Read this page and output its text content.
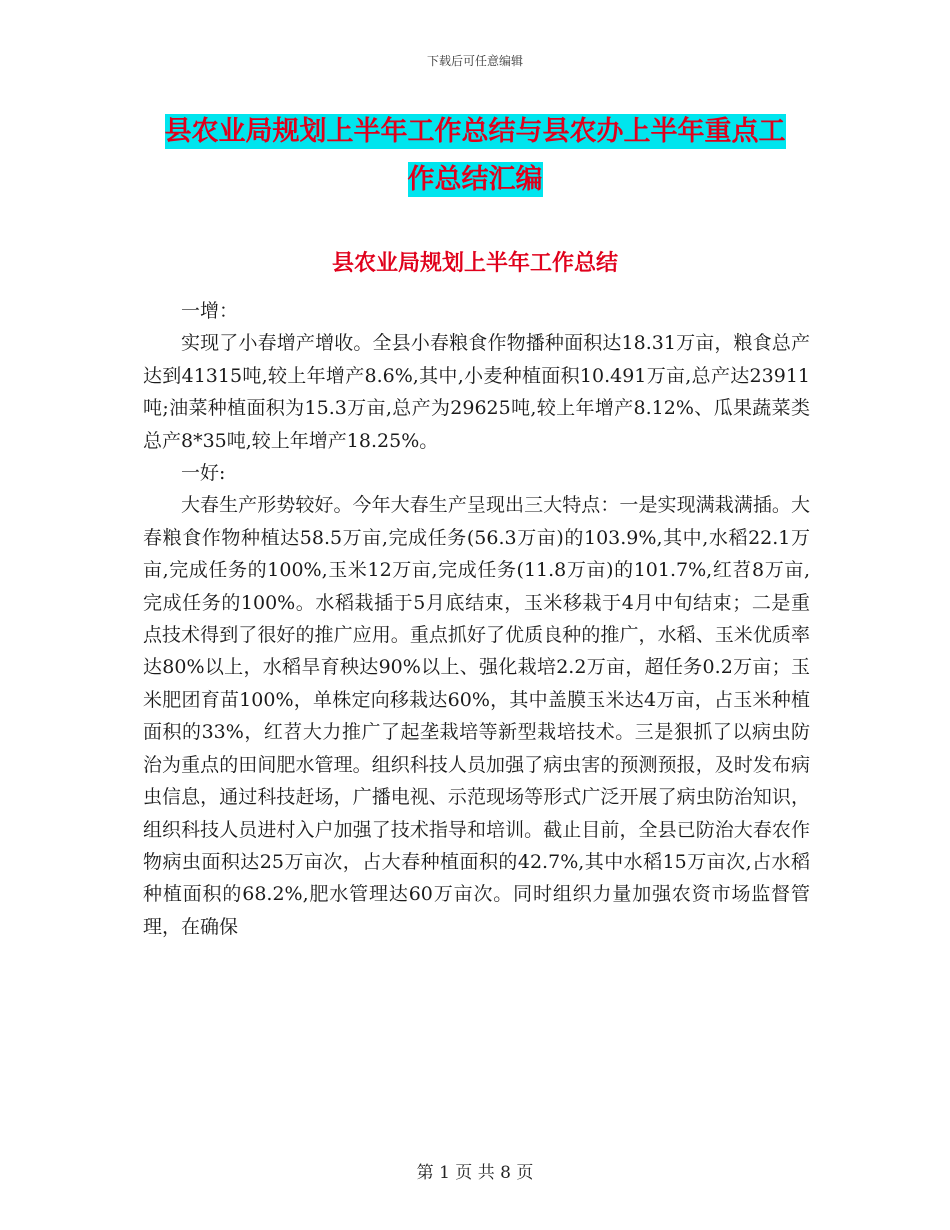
下载后可任意编辑
县农业局规划上半年工作总结与县农办上半年重点工
作总结汇编
县农业局规划上半年工作总结

一增：

实现了小春增产增收。全县小春粮食作物播种面积达18.31万亩，粮食总产达到41315吨,较上年增产8.6%,其中,小麦种植面积10.491万亩,总产达23911吨;油菜种植面积为15.3万亩,总产为29625吨,较上年增产8.12%、瓜果蔬菜类总产8*35吨,较上年增产18.25%。

一好:

大春生产形势较好。今年大春生产呈现出三大特点：一是实现满栽满插。大春粮食作物种植达58.5万亩,完成任务(56.3万亩)的103.9%,其中,水稻22.1万亩,完成任务的100%,玉米12万亩,完成任务(11.8万亩)的101.7%,红苕8万亩,完成任务的100%。水稻栽插于5月底结束，玉米移栽于4月中旬结束；二是重点技术得到了很好的推广应用。重点抓好了优质良种的推广，水稻、玉米优质率达80%以上，水稻旱育秧达90%以上、强化栽培2.2万亩，超任务0.2万亩；玉米肥团育苗100%，单株定向移栽达60%，其中盖膜玉米达4万亩，占玉米种植面积的33%，红苕大力推广了起垄栽培等新型栽培技术。三是狠抓了以病虫防治为重点的田间肥水管理。组织科技人员加强了病虫害的预测预报，及时发布病虫信息，通过科技赶场，广播电视、示范现场等形式广泛开展了病虫防治知识，组织科技人员进村入户加强了技术指导和培训。截止目前，全县已防治大春农作物病虫面积达25万亩次，占大春种植面积的42.7%,其中水稻15万亩次,占水稻种植面积的68.2%,肥水管理达60万亩次。同时组织力量加强农资市场监督管理，在确保

第 1 页 共 8 页
